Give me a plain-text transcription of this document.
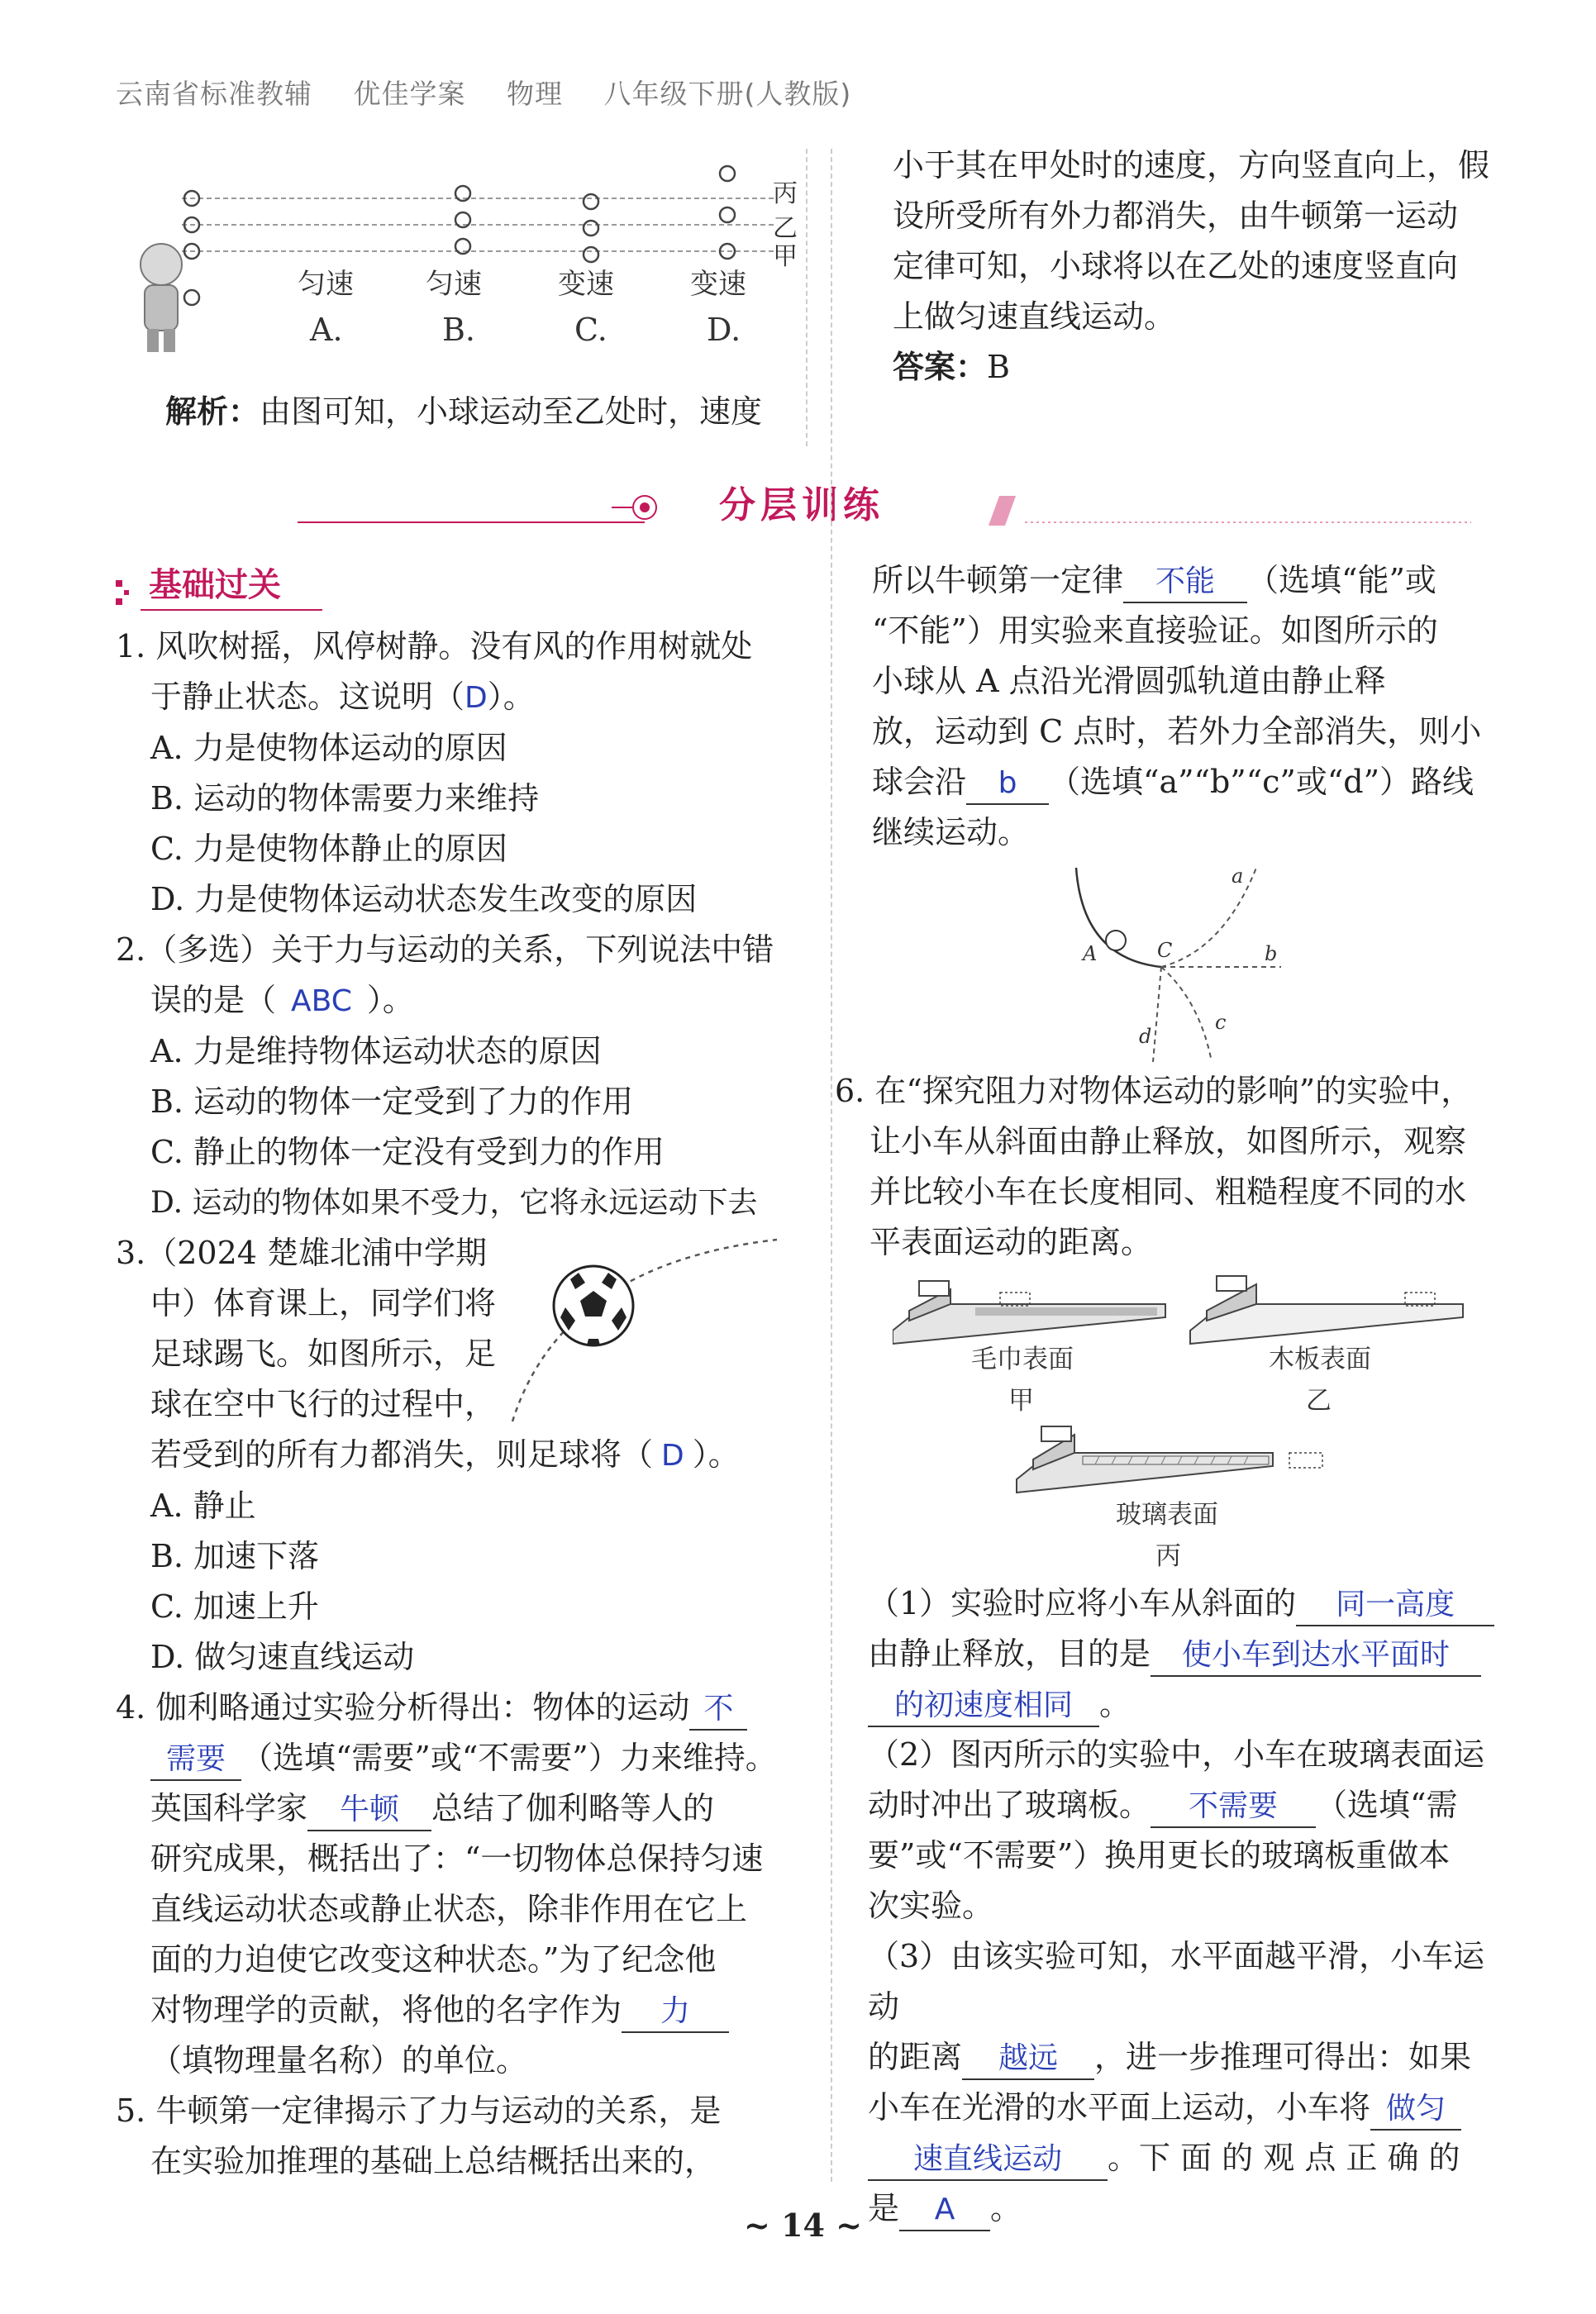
云南省标准教辅 优佳学案 物理 八年级下册(人教版)
丙
乙
甲
匀速	匀速	变速	变速
A.	B.	C.	D.

解析：由图可知，小球运动至乙处时，速度

小于其在甲处时的速度，方向竖直向上，假

设所受所有外力都消失，由牛顿第一运动

定律可知，小球将以在乙处的速度竖直向

上做匀速直线运动。

答案：B

分层训练
基础过关

1. 风吹树摇，风停树静。没有风的作用树就处

于静止状态。这说明（D）。

A. 力是使物体运动的原因

B. 运动的物体需要力来维持

C. 力是使物体静止的原因

D. 力是使物体运动状态发生改变的原因

2.（多选）关于力与运动的关系，下列说法中错

误的是（ ABC ）。

A. 力是维持物体运动状态的原因

B. 运动的物体一定受到了力的作用

C. 静止的物体一定没有受到力的作用

D. 运动的物体如果不受力，它将永远运动下去

3.（2024 楚雄北浦中学期

中）体育课上，同学们将

足球踢飞。如图所示，足

球在空中飞行的过程中，

若受到的所有力都消失，则足球将（ D ）。

A. 静止

B. 加速下落

C. 加速上升

D. 做匀速直线运动

4. 伽利略通过实验分析得出：物体的运动 不

需要 （选填“需要”或“不需要”）力来维持。

英国科学家 牛顿 总结了伽利略等人的

研究成果，概括出了：“一切物体总保持匀速

直线运动状态或静止状态，除非作用在它上

面的力迫使它改变这种状态。”为了纪念他

对物理学的贡献，将他的名字作为 力

（填物理量名称）的单位。

5. 牛顿第一定律揭示了力与运动的关系，是

在实验加推理的基础上总结概括出来的，

所以牛顿第一定律 不能 （选填“能”或

“不能”）用实验来直接验证。如图所示的

小球从 A 点沿光滑圆弧轨道由静止释

放，运动到 C 点时，若外力全部消失，则小

球会沿 b （选填“a”“b”“c”或“d”）路线

继续运动。

a
b
c
d
A	C

6. 在“探究阻力对物体运动的影响”的实验中，

让小车从斜面由静止释放，如图所示，观察

并比较小车在长度相同、粗糙程度不同的水

平表面运动的距离。

毛巾表面
甲
木板表面
乙
玻璃表面
丙

（1）实验时应将小车从斜面的 同一高度

由静止释放，目的是 使小车到达水平面时

的初速度相同 。

（2）图丙所示的实验中，小车在玻璃表面运

动时冲出了玻璃板。 不需要 （选填“需

要”或“不需要”）换用更长的玻璃板重做本

次实验。

（3）由该实验可知，水平面越平滑，小车运动

的距离 越远 ，进一步推理可得出：如果

小车在光滑的水平面上运动，小车将 做匀

速直线运动 。下 面 的 观 点 正 确 的

是 A 。

~ 14 ~
